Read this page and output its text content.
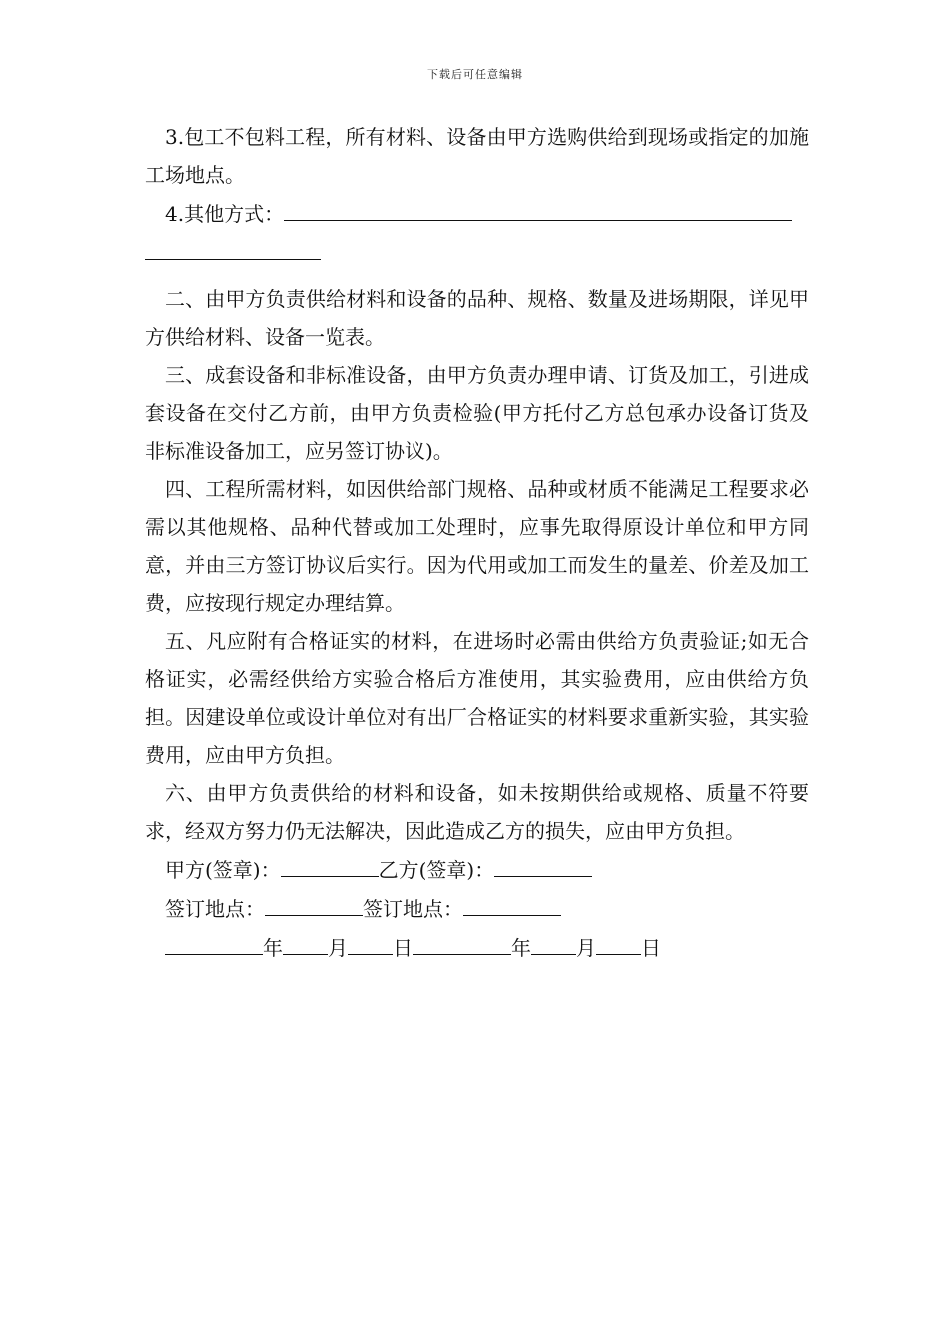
下载后可任意编辑

3.包工不包料工程，所有材料、设备由甲方选购供给到现场或指定的加施工场地点。

4.其他方式：

二、由甲方负责供给材料和设备的品种、规格、数量及进场期限，详见甲方供给材料、设备一览表。

三、成套设备和非标准设备，由甲方负责办理申请、订货及加工，引进成套设备在交付乙方前，由甲方负责检验(甲方托付乙方总包承办设备订货及非标准设备加工，应另签订协议)。

四、工程所需材料，如因供给部门规格、品种或材质不能满足工程要求必需以其他规格、品种代替或加工处理时，应事先取得原设计单位和甲方同意，并由三方签订协议后实行。因为代用或加工而发生的量差、价差及加工费，应按现行规定办理结算。

五、凡应附有合格证实的材料，在进场时必需由供给方负责验证;如无合格证实，必需经供给方实验合格后方准使用，其实验费用，应由供给方负担。因建设单位或设计单位对有出厂合格证实的材料要求重新实验，其实验费用，应由甲方负担。

六、由甲方负责供给的材料和设备，如未按期供给或规格、质量不符要求，经双方努力仍无法解决，因此造成乙方的损失，应由甲方负担。

甲方(签章)：	乙方(签章)：

签订地点：	签订地点：

年 月 日	年 月 日
